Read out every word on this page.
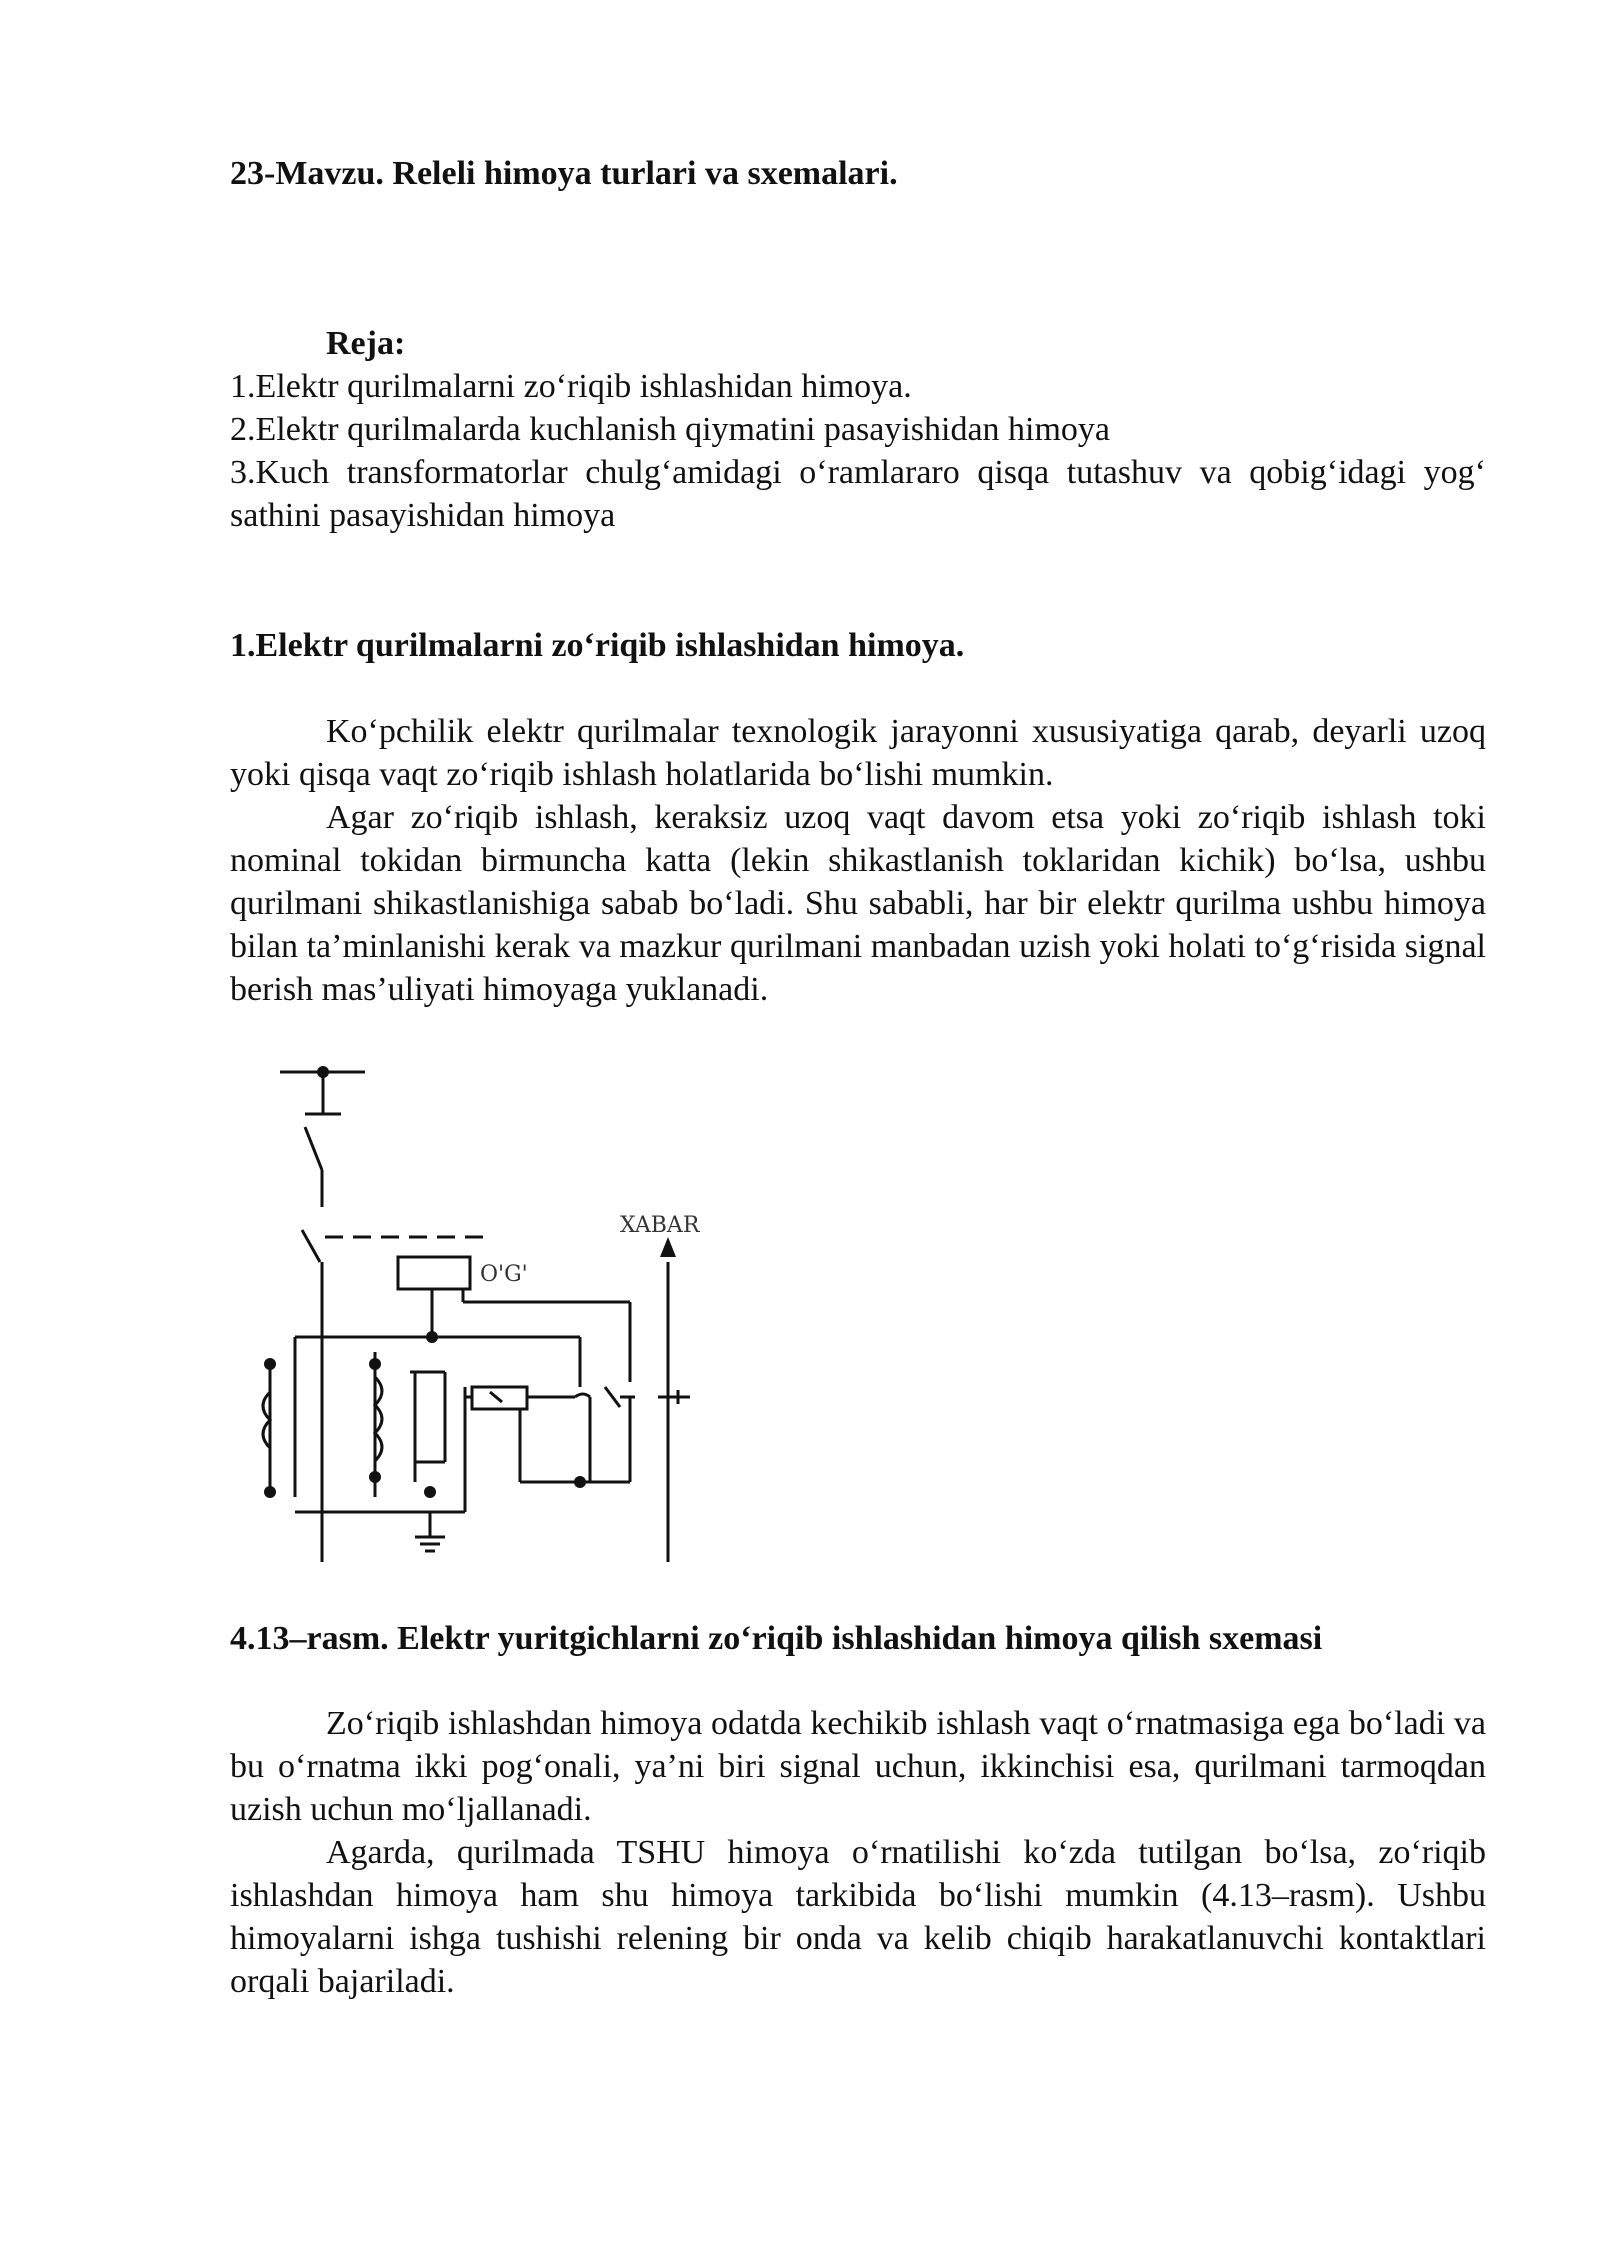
23-Mavzu. Releli himoya turlari va sxemalari.
Reja:

1.Elektr qurilmalarni zo‘riqib ishlashidan himoya.

2.Elektr qurilmalarda kuchlanish qiymatini pasayishidan himoya

3.Kuch transformatorlar chulg‘amidagi o‘ramlararo qisqa tutashuv va qobig‘idagi yog‘ sathini pasayishidan himoya

1.Elektr qurilmalarni zo‘riqib ishlashidan himoya.

Ko‘pchilik elektr qurilmalar texnologik jarayonni xususiyatiga qarab, deyarli uzoq yoki qisqa vaqt zo‘riqib ishlash holatlarida bo‘lishi mumkin.

Agar zo‘riqib ishlash, keraksiz uzoq vaqt davom etsa yoki zo‘riqib ishlash toki nominal tokidan birmuncha katta (lekin shikastlanish toklaridan kichik) bo‘lsa, ushbu qurilmani shikastlanishiga sabab bo‘ladi. Shu sababli, har bir elektr qurilma ushbu himoya bilan ta’minlanishi kerak va mazkur qurilmani manbadan uzish yoki holati to‘g‘risida signal berish mas’uliyati himoyaga yuklanadi.

XABAR
O'G'
4.13–rasm. Elektr yuritgichlarni zo‘riqib ishlashidan himoya qilish sxemasi

Zo‘riqib ishlashdan himoya odatda kechikib ishlash vaqt o‘rnatmasiga ega bo‘ladi va bu o‘rnatma ikki pog‘onali, ya’ni biri signal uchun, ikkinchisi esa, qurilmani tarmoqdan uzish uchun mo‘ljallanadi.

Agarda, qurilmada TSHU himoya o‘rnatilishi ko‘zda tutilgan bo‘lsa, zo‘riqib ishlashdan himoya ham shu himoya tarkibida bo‘lishi mumkin (4.13–rasm). Ushbu himoyalarni ishga tushishi relening bir onda va kelib chiqib harakatlanuvchi kontaktlari orqali bajariladi.
